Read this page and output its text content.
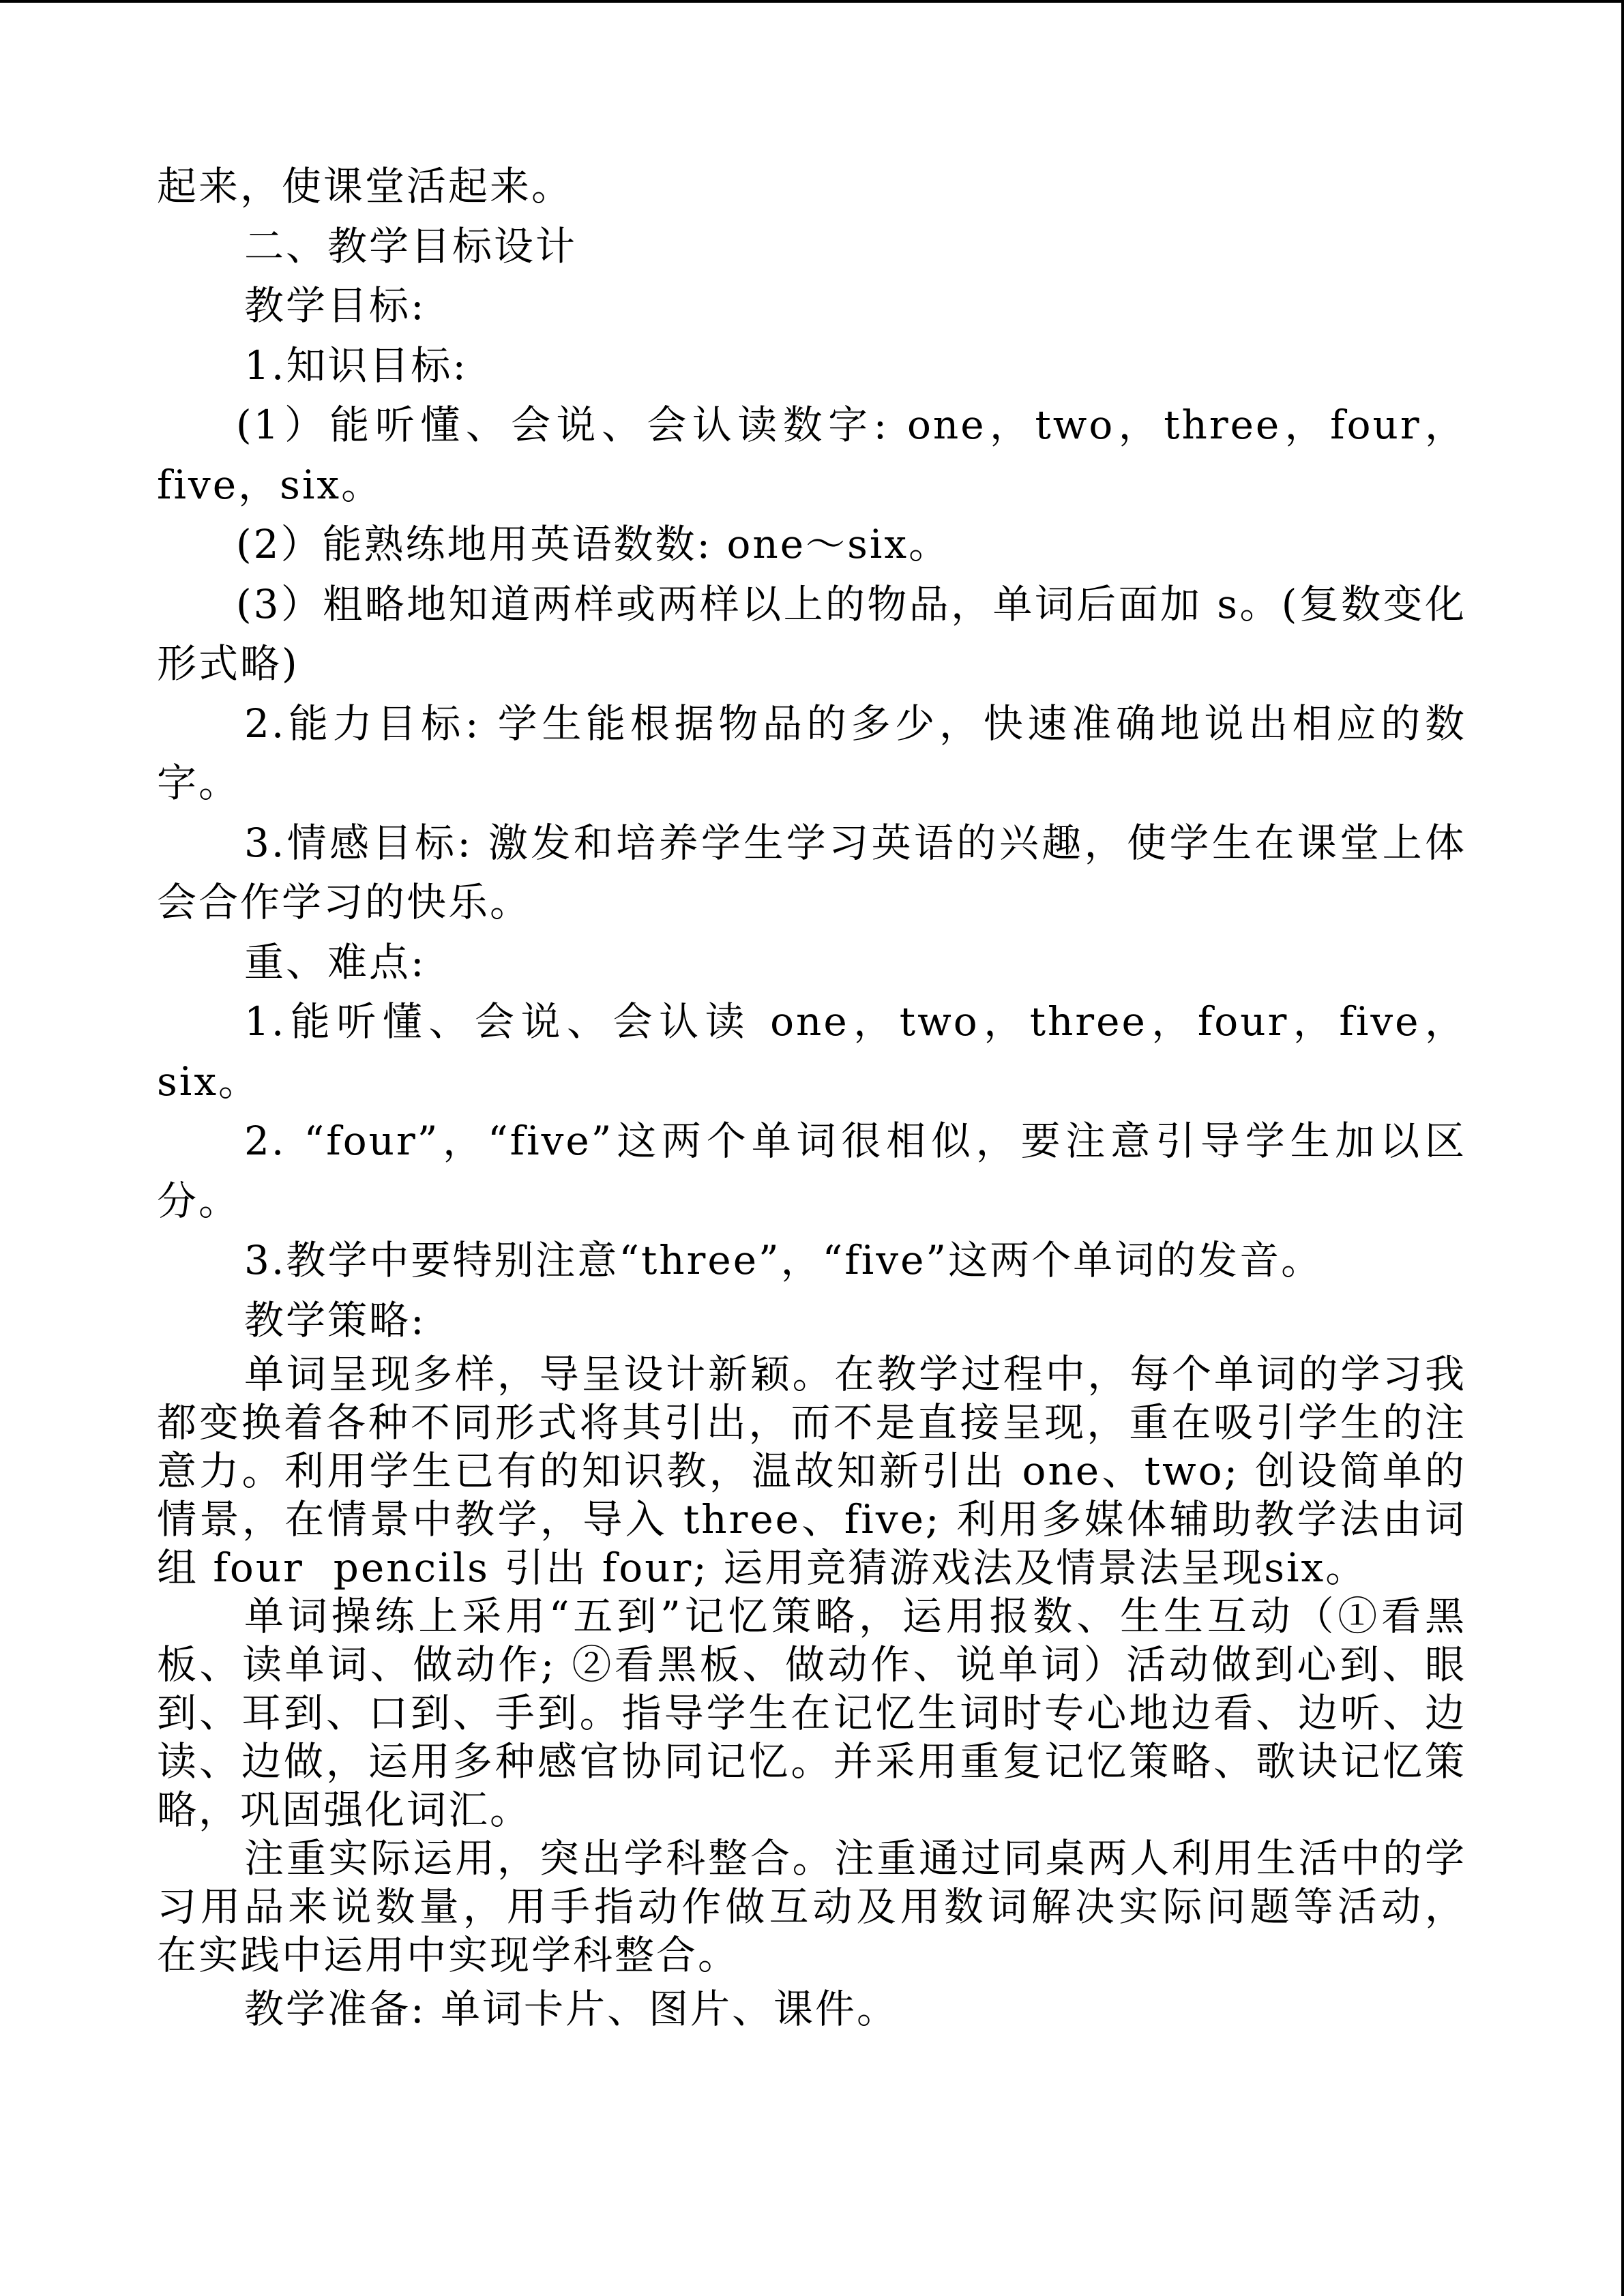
起来，使课堂活起来。

二、教学目标设计

教学目标:

1.知识目标:

(1）能听懂、会说、会认读数字: one，two，three，four，five，six。

(2）能熟练地用英语数数: one～six。

(3）粗略地知道两样或两样以上的物品，单词后面加 s。(复数变化形式略)

2.能力目标: 学生能根据物品的多少，快速准确地说出相应的数字。

3.情感目标: 激发和培养学生学习英语的兴趣，使学生在课堂上体会合作学习的快乐。

重、难点:

1.能听懂、会说、会认读 one，two，three，four，five，six。

2. “four”，“five”这两个单词很相似，要注意引导学生加以区分。

3.教学中要特别注意“three”，“five”这两个单词的发音。

教学策略:

单词呈现多样，导呈设计新颖。在教学过程中，每个单词的学习我都变换着各种不同形式将其引出，而不是直接呈现，重在吸引学生的注意力。利用学生已有的知识教，温故知新引出 one、two; 创设简单的情景，在情景中教学，导入 three、five; 利用多媒体辅助教学法由词组 four  pencils 引出 four; 运用竞猜游戏法及情景法呈现six。

单词操练上采用“五到”记忆策略，运用报数、生生互动（①看黑板、读单词、做动作; ②看黑板、做动作、说单词）活动做到心到、眼到、耳到、口到、手到。指导学生在记忆生词时专心地边看、边听、边读、边做，运用多种感官协同记忆。并采用重复记忆策略、歌诀记忆策略，巩固强化词汇。

注重实际运用，突出学科整合。注重通过同桌两人利用生活中的学习用品来说数量，用手指动作做互动及用数词解决实际问题等活动，  在实践中运用中实现学科整合。

教学准备: 单词卡片、图片、课件。
